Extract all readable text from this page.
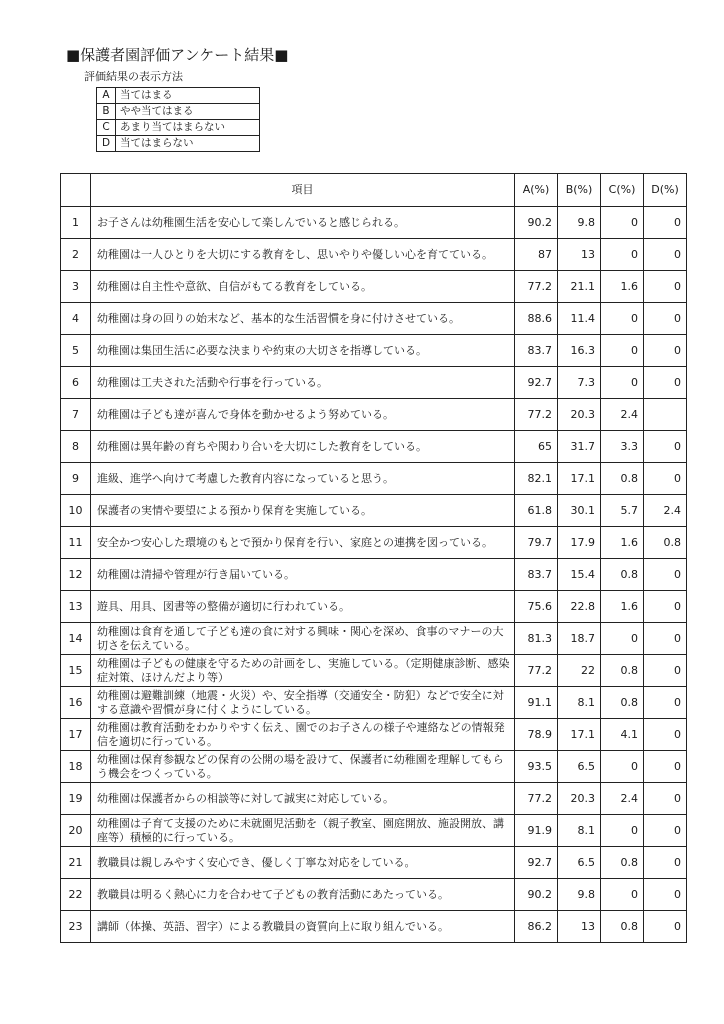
■保護者園評価アンケート結果■
評価結果の表示方法
A	当てはまる
B	やや当てはまる
C	あまり当てはまらない
D	当てはまらない
	項目	A(%)	B(%)	C(%)	D(%)
1	お子さんは幼稚園生活を安心して楽しんでいると感じられる。	90.2	9.8	0	0
2	幼稚園は一人ひとりを大切にする教育をし、思いやりや優しい心を育てている。	87	13	0	0
3	幼稚園は自主性や意欲、自信がもてる教育をしている。	77.2	21.1	1.6	0
4	幼稚園は身の回りの始末など、基本的な生活習慣を身に付けさせている。	88.6	11.4	0	0
5	幼稚園は集団生活に必要な決まりや約束の大切さを指導している。	83.7	16.3	0	0
6	幼稚園は工夫された活動や行事を行っている。	92.7	7.3	0	0
7	幼稚園は子ども達が喜んで身体を動かせるよう努めている。	77.2	20.3	2.4	
8	幼稚園は異年齢の育ちや関わり合いを大切にした教育をしている。	65	31.7	3.3	0
9	進級、進学へ向けて考慮した教育内容になっていると思う。	82.1	17.1	0.8	0
10	保護者の実情や要望による預かり保育を実施している。	61.8	30.1	5.7	2.4
11	安全かつ安心した環境のもとで預かり保育を行い、家庭との連携を図っている。	79.7	17.9	1.6	0.8
12	幼稚園は清掃や管理が行き届いている。	83.7	15.4	0.8	0
13	遊具、用具、図書等の整備が適切に行われている。	75.6	22.8	1.6	0
14	幼稚園は食育を通して子ども達の食に対する興味・関心を深め、食事のマナーの大切さを伝えている。	81.3	18.7	0	0
15	幼稚園は子どもの健康を守るための計画をし、実施している。（定期健康診断、感染症対策、ほけんだより等）	77.2	22	0.8	0
16	幼稚園は避難訓練（地震・火災）や、安全指導（交通安全・防犯）などで安全に対する意識や習慣が身に付くようにしている。	91.1	8.1	0.8	0
17	幼稚園は教育活動をわかりやすく伝え、園でのお子さんの様子や連絡などの情報発信を適切に行っている。	78.9	17.1	4.1	0
18	幼稚園は保育参観などの保育の公開の場を設けて、保護者に幼稚園を理解してもらう機会をつくっている。	93.5	6.5	0	0
19	幼稚園は保護者からの相談等に対して誠実に対応している。	77.2	20.3	2.4	0
20	幼稚園は子育て支援のために未就園児活動を（親子教室、園庭開放、施設開放、講座等）積極的に行っている。	91.9	8.1	0	0
21	教職員は親しみやすく安心でき、優しく丁寧な対応をしている。	92.7	6.5	0.8	0
22	教職員は明るく熱心に力を合わせて子どもの教育活動にあたっている。	90.2	9.8	0	0
23	講師（体操、英語、習字）による教職員の資質向上に取り組んでいる。	86.2	13	0.8	0
